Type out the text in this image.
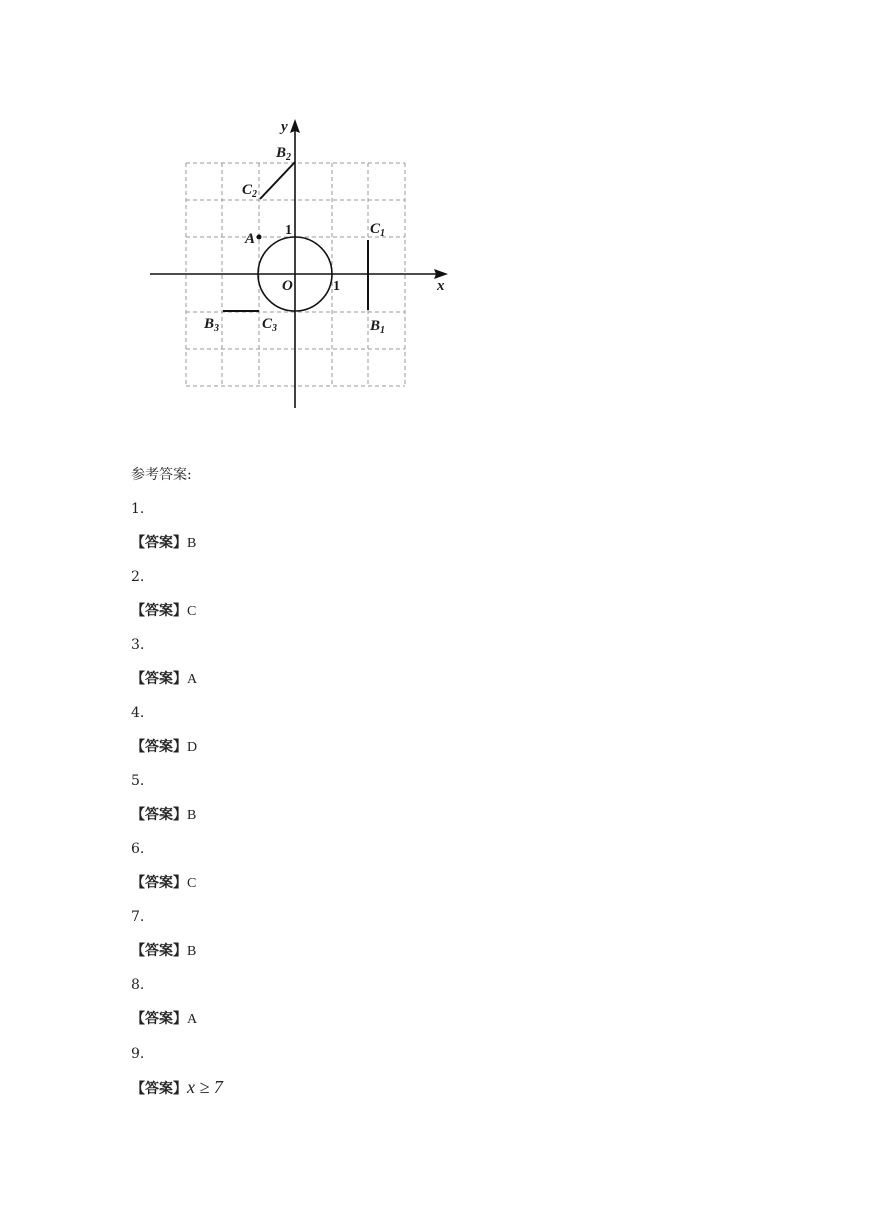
y
x
O	1
1
A
$B_1$
$C_1$
$B_2$
$C_2$
$B_3$	$C_3$
参考答案:
1.
【答案】B
2.
【答案】C
3.
【答案】A
4.
【答案】D
5.
【答案】B
6.
【答案】C
7.
【答案】B
8.
【答案】A
9.
【答案】x ≥ 7
